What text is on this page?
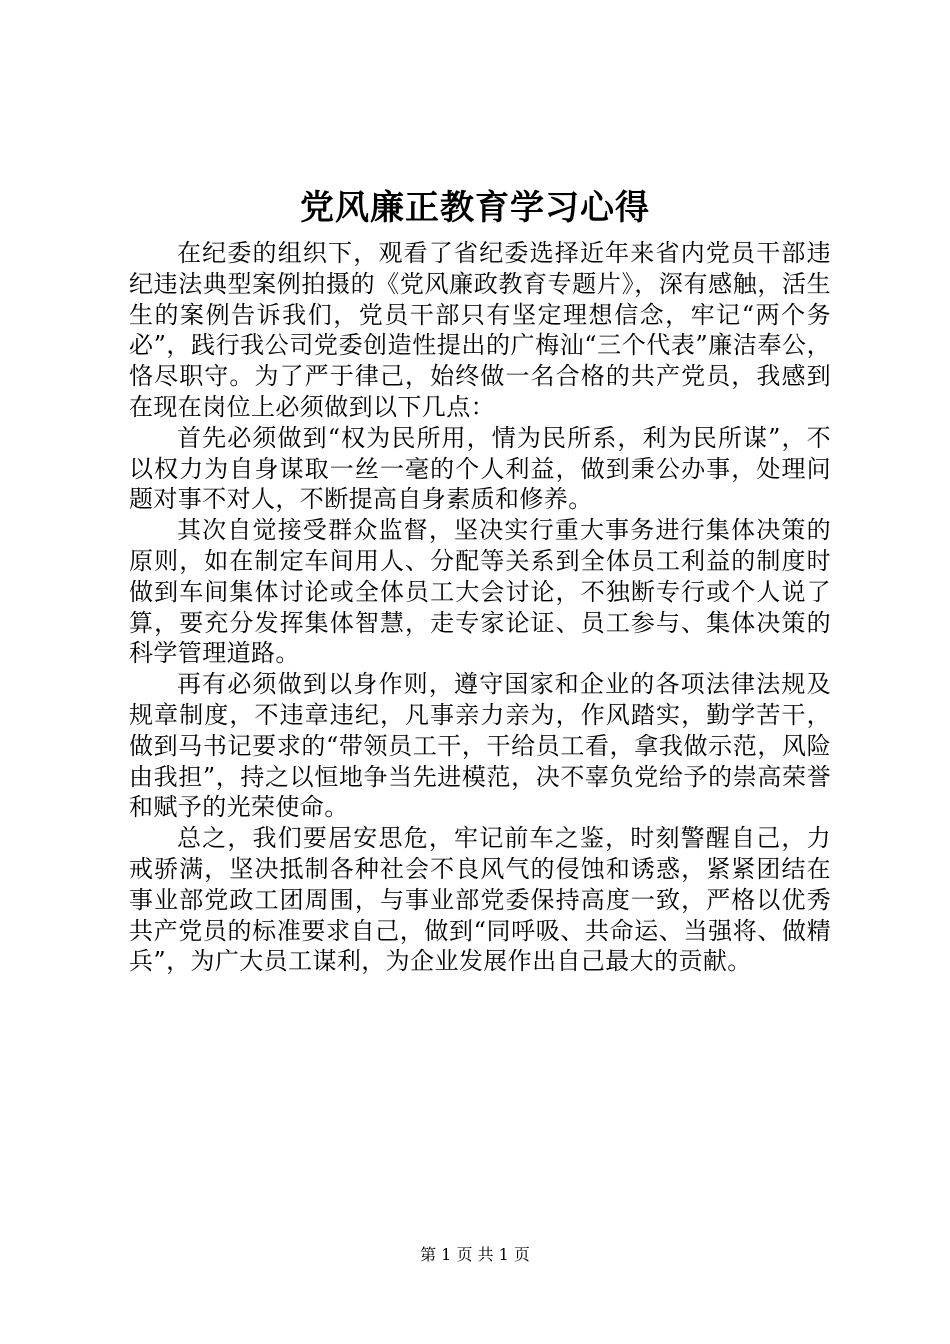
党风廉正教育学习心得

在纪委的组织下，观看了省纪委选择近年来省内党员干部违纪违法典型案例拍摄的《党风廉政教育专题片》，深有感触，活生生的案例告诉我们，党员干部只有坚定理想信念，牢记“两个务必”，践行我公司党委创造性提出的广梅汕“三个代表”廉洁奉公，恪尽职守。为了严于律己，始终做一名合格的共产党员，我感到在现在岗位上必须做到以下几点：

首先必须做到“权为民所用，情为民所系，利为民所谋”，不以权力为自身谋取一丝一毫的个人利益，做到秉公办事，处理问题对事不对人，不断提高自身素质和修养。

其次自觉接受群众监督，坚决实行重大事务进行集体决策的原则，如在制定车间用人、分配等关系到全体员工利益的制度时做到车间集体讨论或全体员工大会讨论，不独断专行或个人说了算，要充分发挥集体智慧，走专家论证、员工参与、集体决策的科学管理道路。

再有必须做到以身作则，遵守国家和企业的各项法律法规及规章制度，不违章违纪，凡事亲力亲为，作风踏实，勤学苦干，做到马书记要求的“带领员工干，干给员工看，拿我做示范，风险由我担”，持之以恒地争当先进模范，决不辜负党给予的崇高荣誉和赋予的光荣使命。

总之，我们要居安思危，牢记前车之鉴，时刻警醒自己，力戒骄满，坚决抵制各种社会不良风气的侵蚀和诱惑，紧紧团结在事业部党政工团周围，与事业部党委保持高度一致，严格以优秀共产党员的标准要求自己，做到“同呼吸、共命运、当强将、做精兵”，为广大员工谋利，为企业发展作出自己最大的贡献。

第 1 页 共 1 页
